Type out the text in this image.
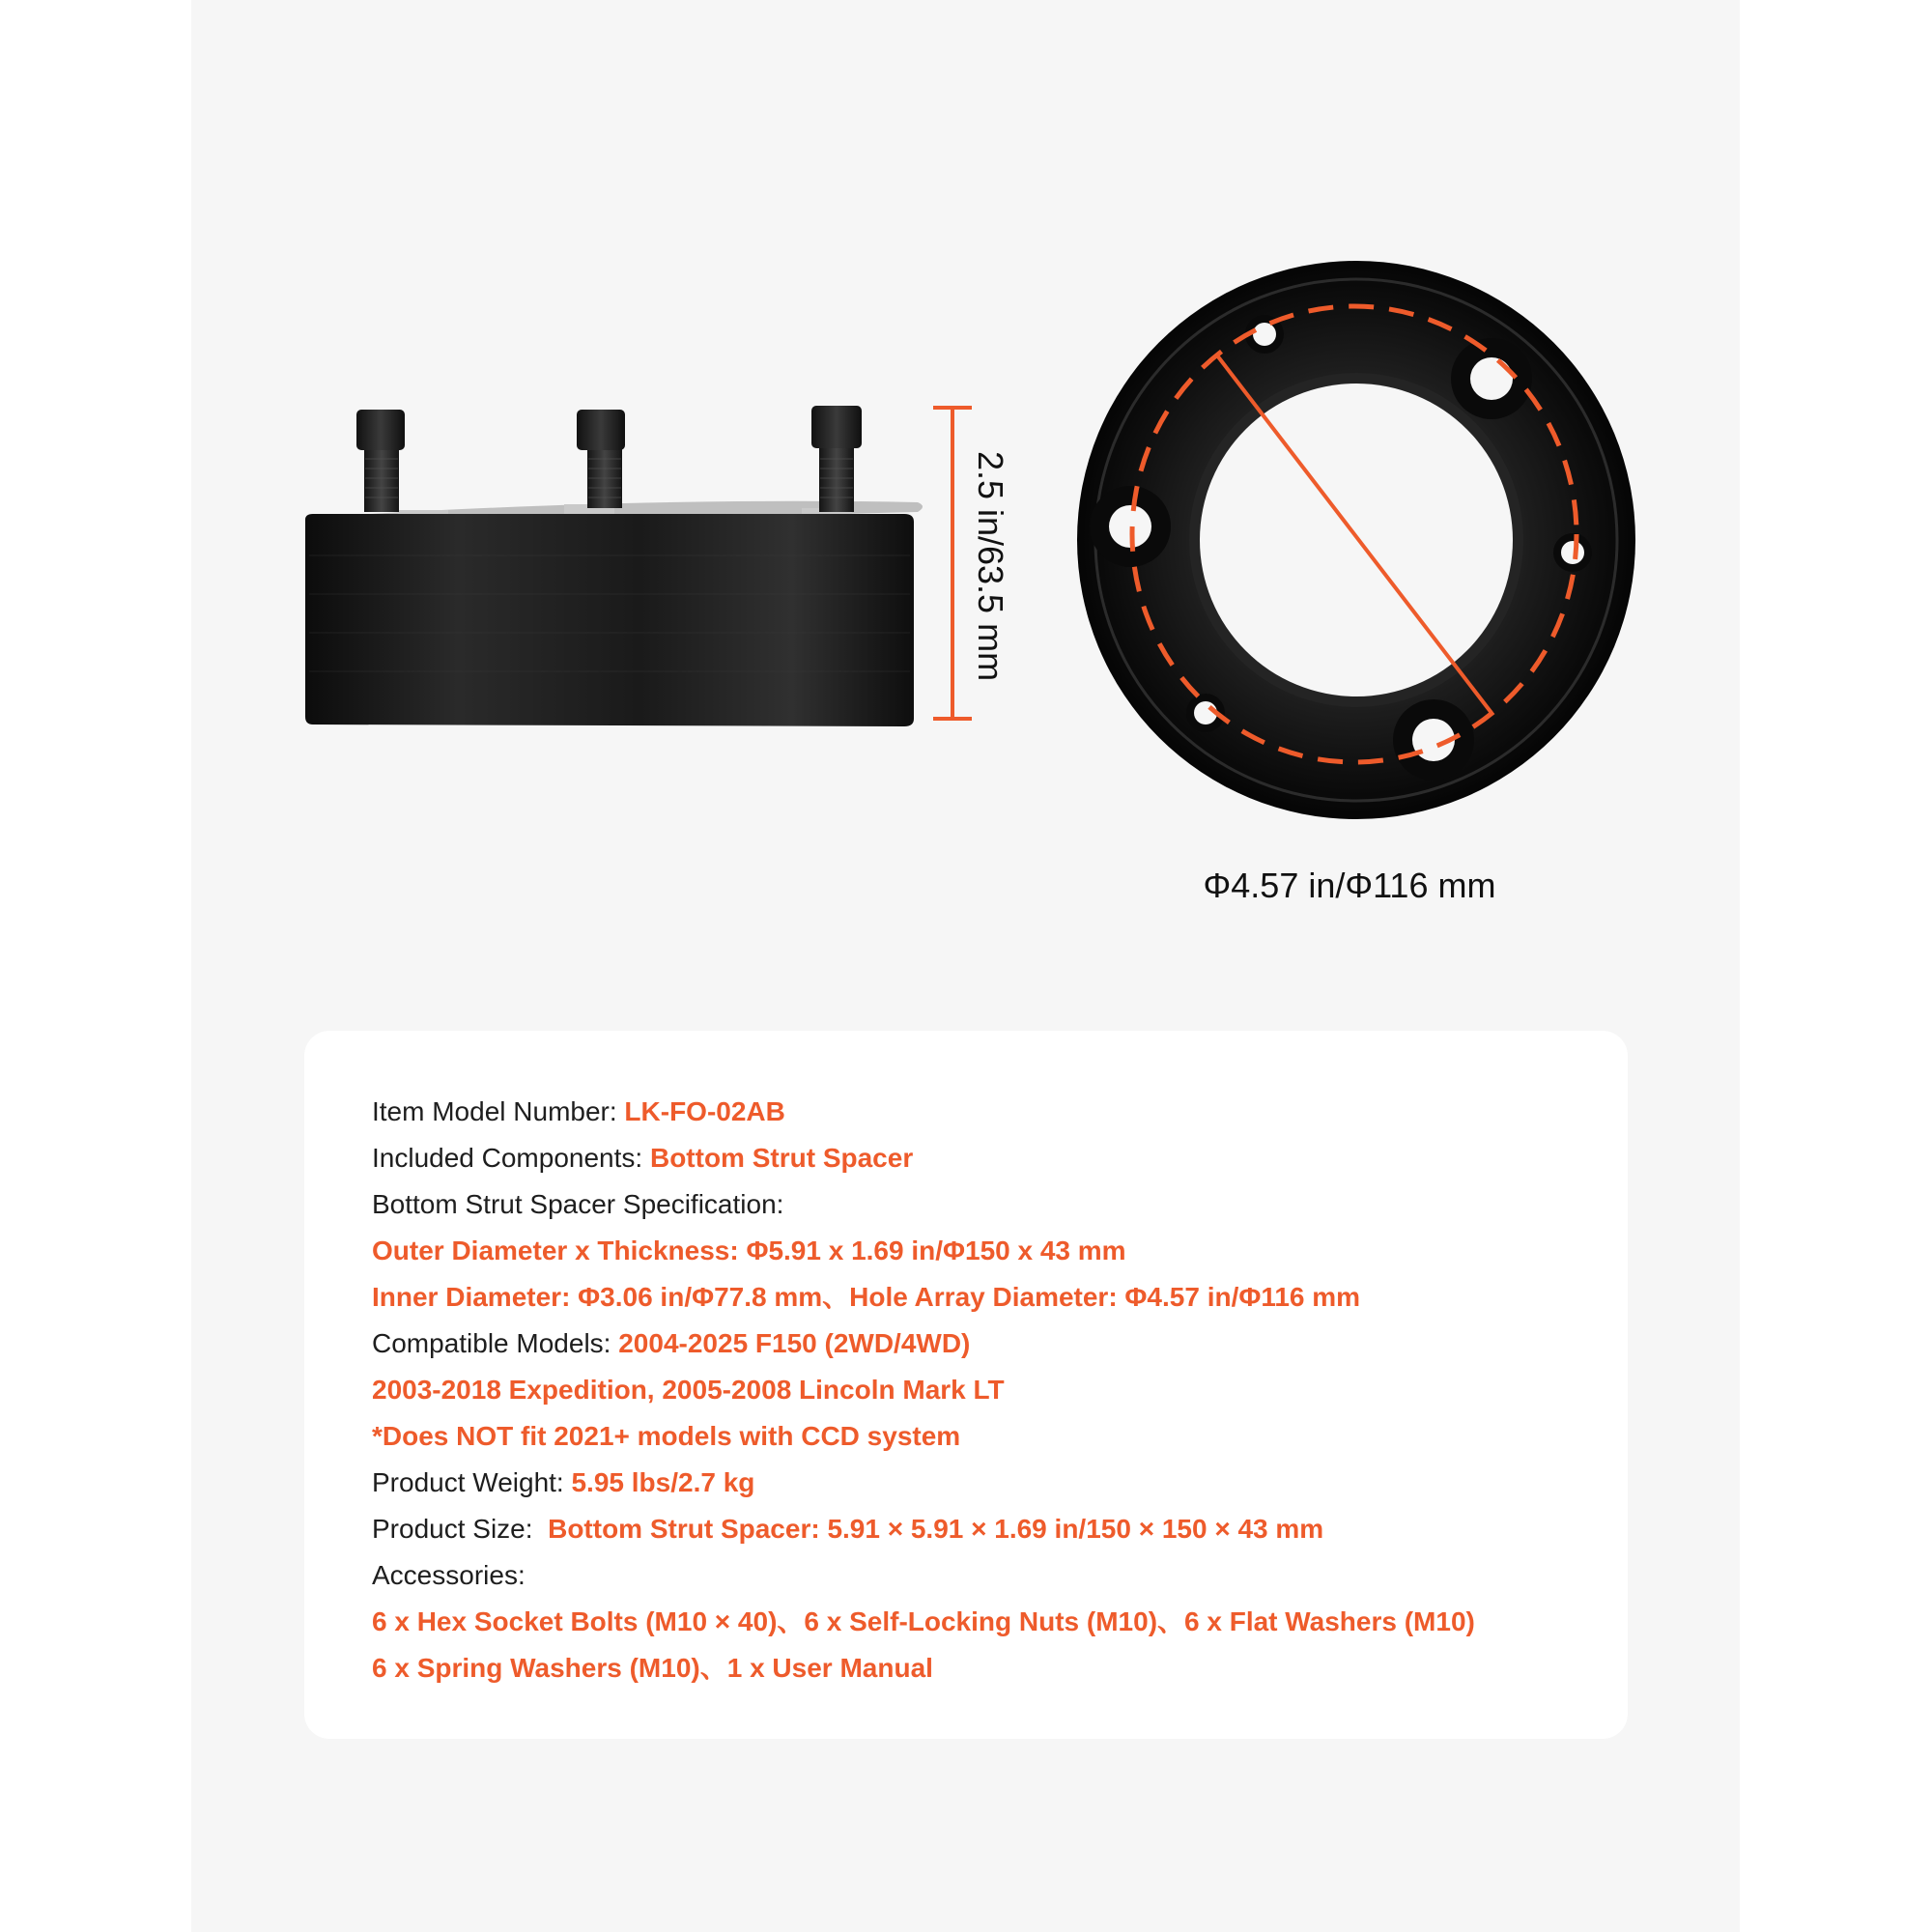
2.5 in/63.5 mm
Φ4.57 in/Φ116 mm
Item Model Number: LK-FO-02AB
Included Components: Bottom Strut Spacer
Bottom Strut Spacer Specification:
Outer Diameter x Thickness: Φ5.91 x 1.69 in/Φ150 x 43 mm
Inner Diameter: Φ3.06 in/Φ77.8 mm、Hole Array Diameter: Φ4.57 in/Φ116 mm
Compatible Models: 2004-2025 F150 (2WD/4WD)
2003-2018 Expedition, 2005-2008 Lincoln Mark LT
*Does NOT fit 2021+ models with CCD system
Product Weight: 5.95 lbs/2.7 kg
Product Size:  Bottom Strut Spacer: 5.91 × 5.91 × 1.69 in/150 × 150 × 43 mm
Accessories:
6 x Hex Socket Bolts (M10 × 40)、6 x Self-Locking Nuts (M10)、6 x Flat Washers (M10)
6 x Spring Washers (M10)、1 x User Manual
